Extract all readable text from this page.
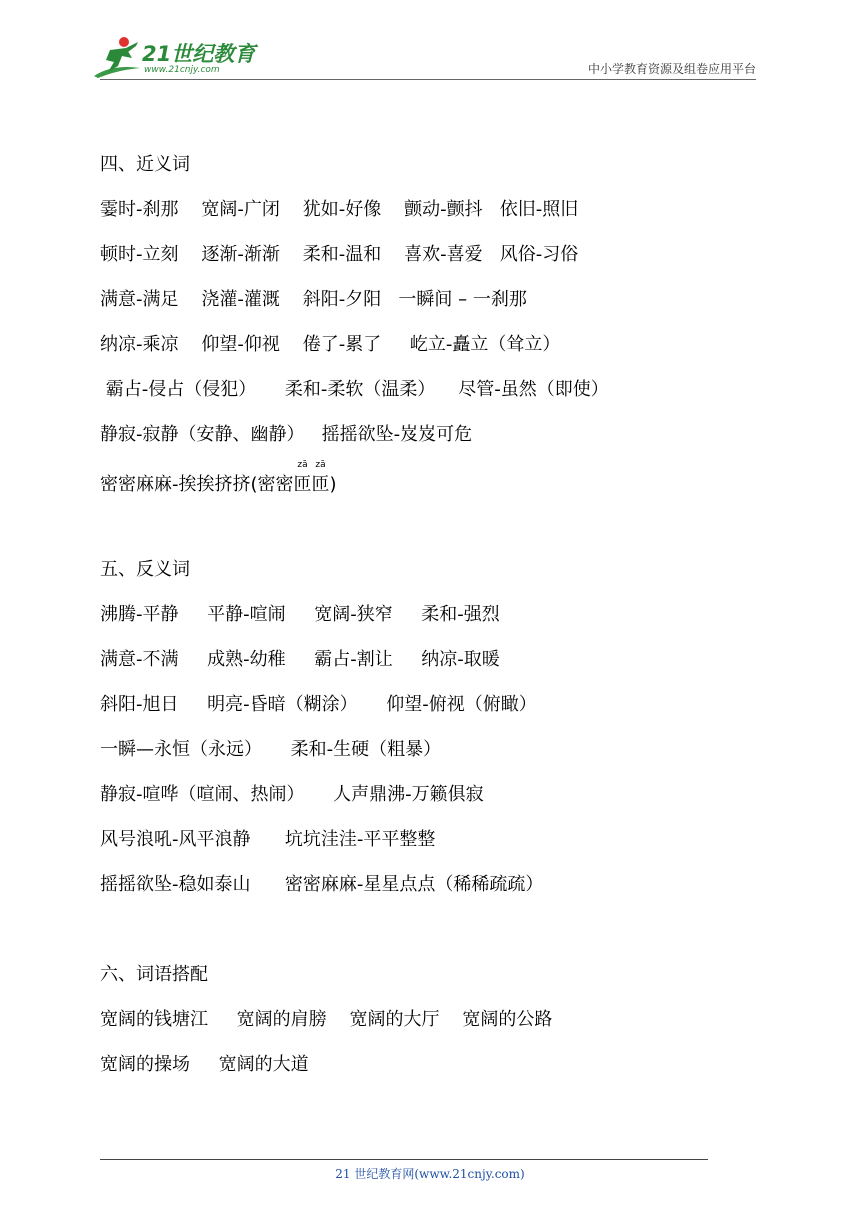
21世纪教育
www.21cnjy.com	中小学教育资源及组卷应用平台
四、近义词
霎时-刹那    宽阔-广闭    犹如-好像    颤动-颤抖   依旧-照旧
顿时-立刻    逐渐-渐渐    柔和-温和    喜欢-喜爱   风俗-习俗
满意-满足    浇灌-灌溉    斜阳-夕阳   一瞬间 – 一刹那
纳凉-乘凉    仰望-仰视    倦了-累了     屹立-矗立（耸立）
霸占-侵占（侵犯）     柔和-柔软（温柔）    尽管-虽然（即使）
静寂-寂静（安静、幽静）   摇摇欲坠-岌岌可危
密密麻麻-挨挨挤挤(密密
zā
匝
zā
匝)
五、反义词
沸腾-平静     平静-喧闹     宽阔-狭窄     柔和-强烈
满意-不满     成熟-幼稚     霸占-割让     纳凉-取暖
斜阳-旭日     明亮-昏暗（糊涂）     仰望-俯视（俯瞰）
一瞬—永恒（永远）     柔和-生硬（粗暴）
静寂-喧哗（喧闹、热闹）     人声鼎沸-万籁俱寂
风号浪吼-风平浪静      坑坑洼洼-平平整整
摇摇欲坠-稳如泰山      密密麻麻-星星点点（稀稀疏疏）
六、词语搭配
宽阔的钱塘江     宽阔的肩膀    宽阔的大厅    宽阔的公路
宽阔的操场     宽阔的大道
21 世纪教育网(www.21cnjy.com)
